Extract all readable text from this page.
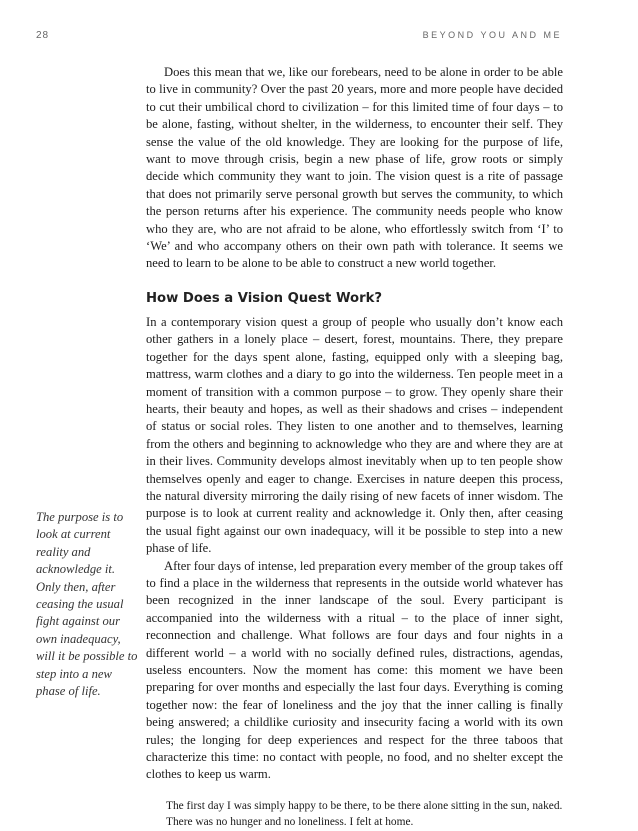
28	BEYOND YOU AND ME

Does this mean that we, like our forebears, need to be alone in order to be able to live in community? Over the past 20 years, more and more people have decided to cut their umbilical chord to civilization – for this limited time of four days – to be alone, fasting, without shelter, in the wilderness, to encounter their self. They sense the value of the old knowledge. They are looking for the purpose of life, want to move through crisis, begin a new phase of life, grow roots or simply decide which community they want to join. The vision quest is a rite of passage that does not primarily serve personal growth but serves the community, to which the person returns after his experience. The community needs people who know who they are, who are not afraid to be alone, who effortlessly switch from ‘I’ to ‘We’ and who accompany others on their own path with tolerance. It seems we need to learn to be alone to be able to construct a new world together.

How Does a Vision Quest Work?

In a contemporary vision quest a group of people who usually don’t know each other gathers in a lonely place – desert, forest, mountains. There, they prepare together for the days spent alone, fasting, equipped only with a sleeping bag, mattress, warm clothes and a diary to go into the wilderness. Ten people meet in a moment of transition with a common purpose – to grow. They openly share their hearts, their beauty and hopes, as well as their shadows and crises – independent of status or social roles. They listen to one another and to themselves, learning from the others and beginning to acknowledge who they are and where they are at in their lives. Community develops almost inevitably when up to ten people show themselves openly and eager to change. Exercises in nature deepen this process, the natural diversity mirroring the daily rising of new facets of inner wisdom. The purpose is to look at current reality and acknowledge it. Only then, after ceasing the usual fight against our own inadequacy, will it be possible to step into a new phase of life.

After four days of intense, led preparation every member of the group takes off to find a place in the wilderness that represents in the outside world whatever has been recognized in the inner landscape of the soul. Every participant is accompanied into the wilderness with a ritual – to the place of inner sight, reconnection and challenge. What follows are four days and four nights in a different world – a world with no socially defined rules, distractions, agendas, useless encounters. Now the moment has come: this moment we have been preparing for over months and especially the last four days. Everything is coming together now: the fear of loneliness and the joy that the inner calling is finally being answered; a childlike curiosity and insecurity facing a world with its own rules; the longing for deep experiences and respect for the three taboos that characterize this time: no contact with people, no food, and no shelter except the clothes to keep us warm.

The first day I was simply happy to be there, to be there alone sitting in the sun, naked. There was no hunger and no loneliness. I felt at home.

The purpose is to look at current reality and acknowledge it. Only then, after ceasing the usual fight against our own inadequacy, will it be possible to step into a new phase of life.
